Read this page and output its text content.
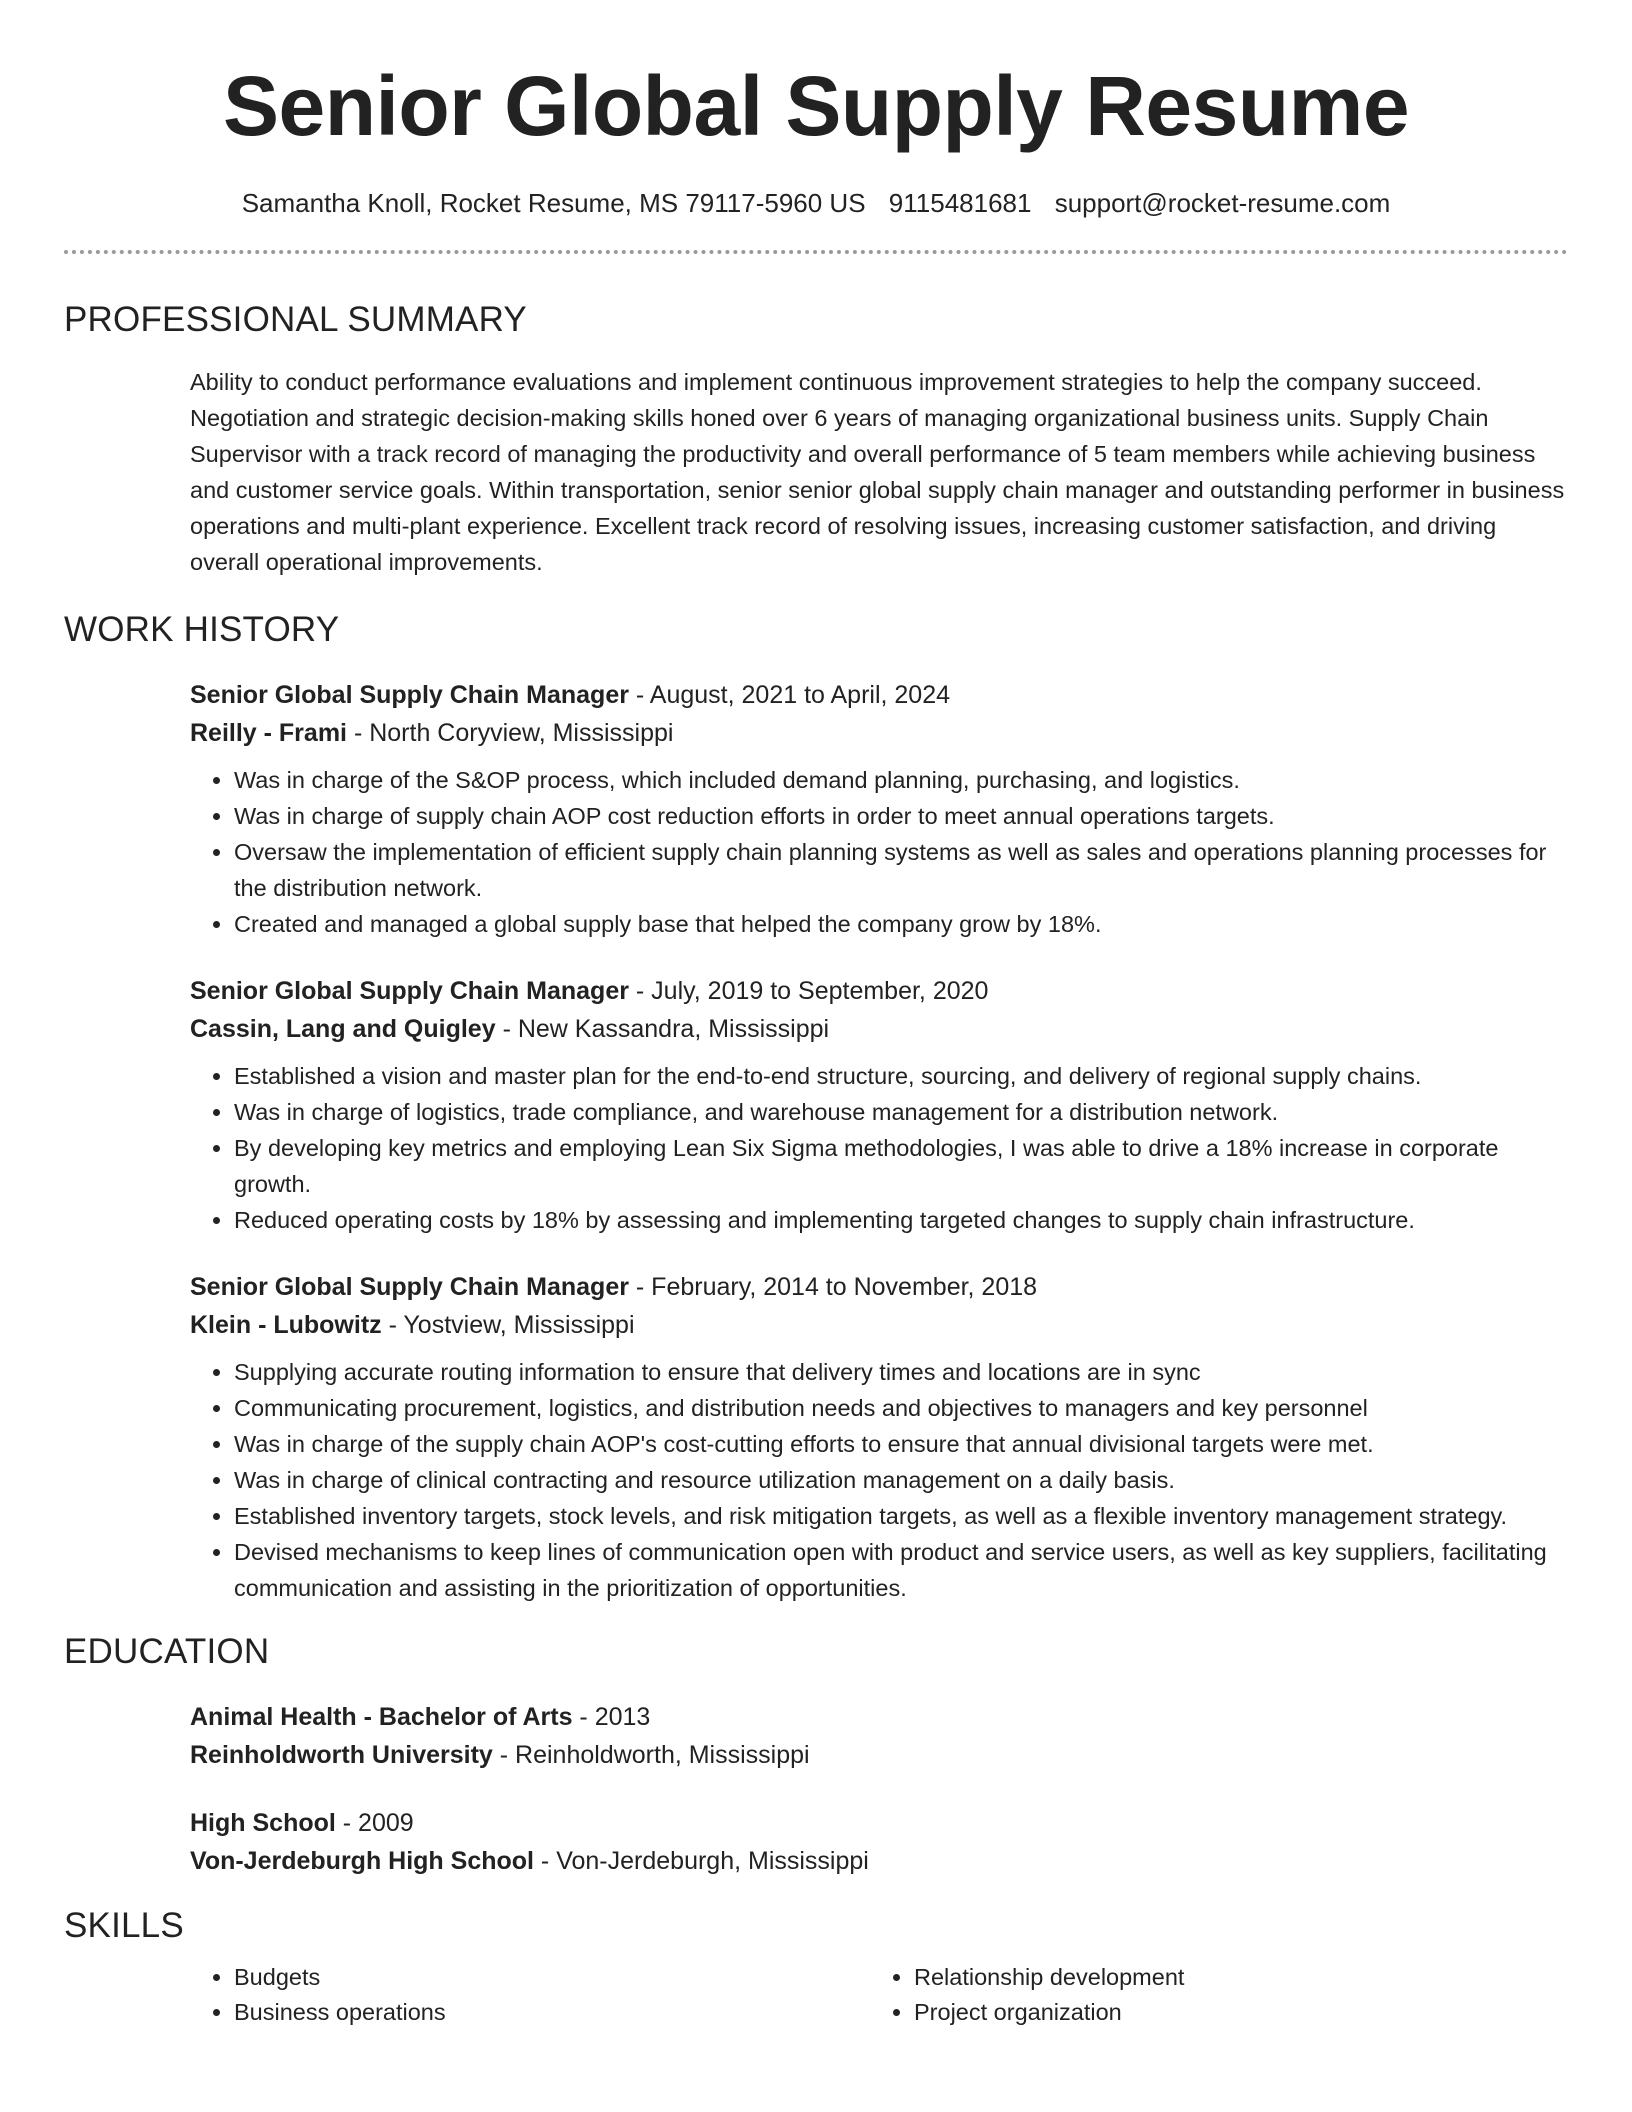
Senior Global Supply Resume
Samantha Knoll, Rocket Resume, MS 79117-5960 US 9115481681 support@rocket-resume.com
PROFESSIONAL SUMMARY
Ability to conduct performance evaluations and implement continuous improvement strategies to help the company succeed. Negotiation and strategic decision-making skills honed over 6 years of managing organizational business units. Supply Chain Supervisor with a track record of managing the productivity and overall performance of 5 team members while achieving business and customer service goals. Within transportation, senior senior global supply chain manager and outstanding performer in business operations and multi-plant experience. Excellent track record of resolving issues, increasing customer satisfaction, and driving overall operational improvements.
WORK HISTORY
Senior Global Supply Chain Manager - August, 2021 to April, 2024
Reilly - Frami - North Coryview, Mississippi
• Was in charge of the S&OP process, which included demand planning, purchasing, and logistics.
• Was in charge of supply chain AOP cost reduction efforts in order to meet annual operations targets.
• Oversaw the implementation of efficient supply chain planning systems as well as sales and operations planning processes for the distribution network.
• Created and managed a global supply base that helped the company grow by 18%.
Senior Global Supply Chain Manager - July, 2019 to September, 2020
Cassin, Lang and Quigley - New Kassandra, Mississippi
• Established a vision and master plan for the end-to-end structure, sourcing, and delivery of regional supply chains.
• Was in charge of logistics, trade compliance, and warehouse management for a distribution network.
• By developing key metrics and employing Lean Six Sigma methodologies, I was able to drive a 18% increase in corporate growth.
• Reduced operating costs by 18% by assessing and implementing targeted changes to supply chain infrastructure.
Senior Global Supply Chain Manager - February, 2014 to November, 2018
Klein - Lubowitz - Yostview, Mississippi
• Supplying accurate routing information to ensure that delivery times and locations are in sync
• Communicating procurement, logistics, and distribution needs and objectives to managers and key personnel
• Was in charge of the supply chain AOP's cost-cutting efforts to ensure that annual divisional targets were met.
• Was in charge of clinical contracting and resource utilization management on a daily basis.
• Established inventory targets, stock levels, and risk mitigation targets, as well as a flexible inventory management strategy.
• Devised mechanisms to keep lines of communication open with product and service users, as well as key suppliers, facilitating communication and assisting in the prioritization of opportunities.
EDUCATION
Animal Health - Bachelor of Arts - 2013
Reinholdworth University - Reinholdworth, Mississippi
High School - 2009
Von-Jerdeburgh High School - Von-Jerdeburgh, Mississippi
SKILLS
• Budgets
• Business operations
• Relationship development
• Project organization
